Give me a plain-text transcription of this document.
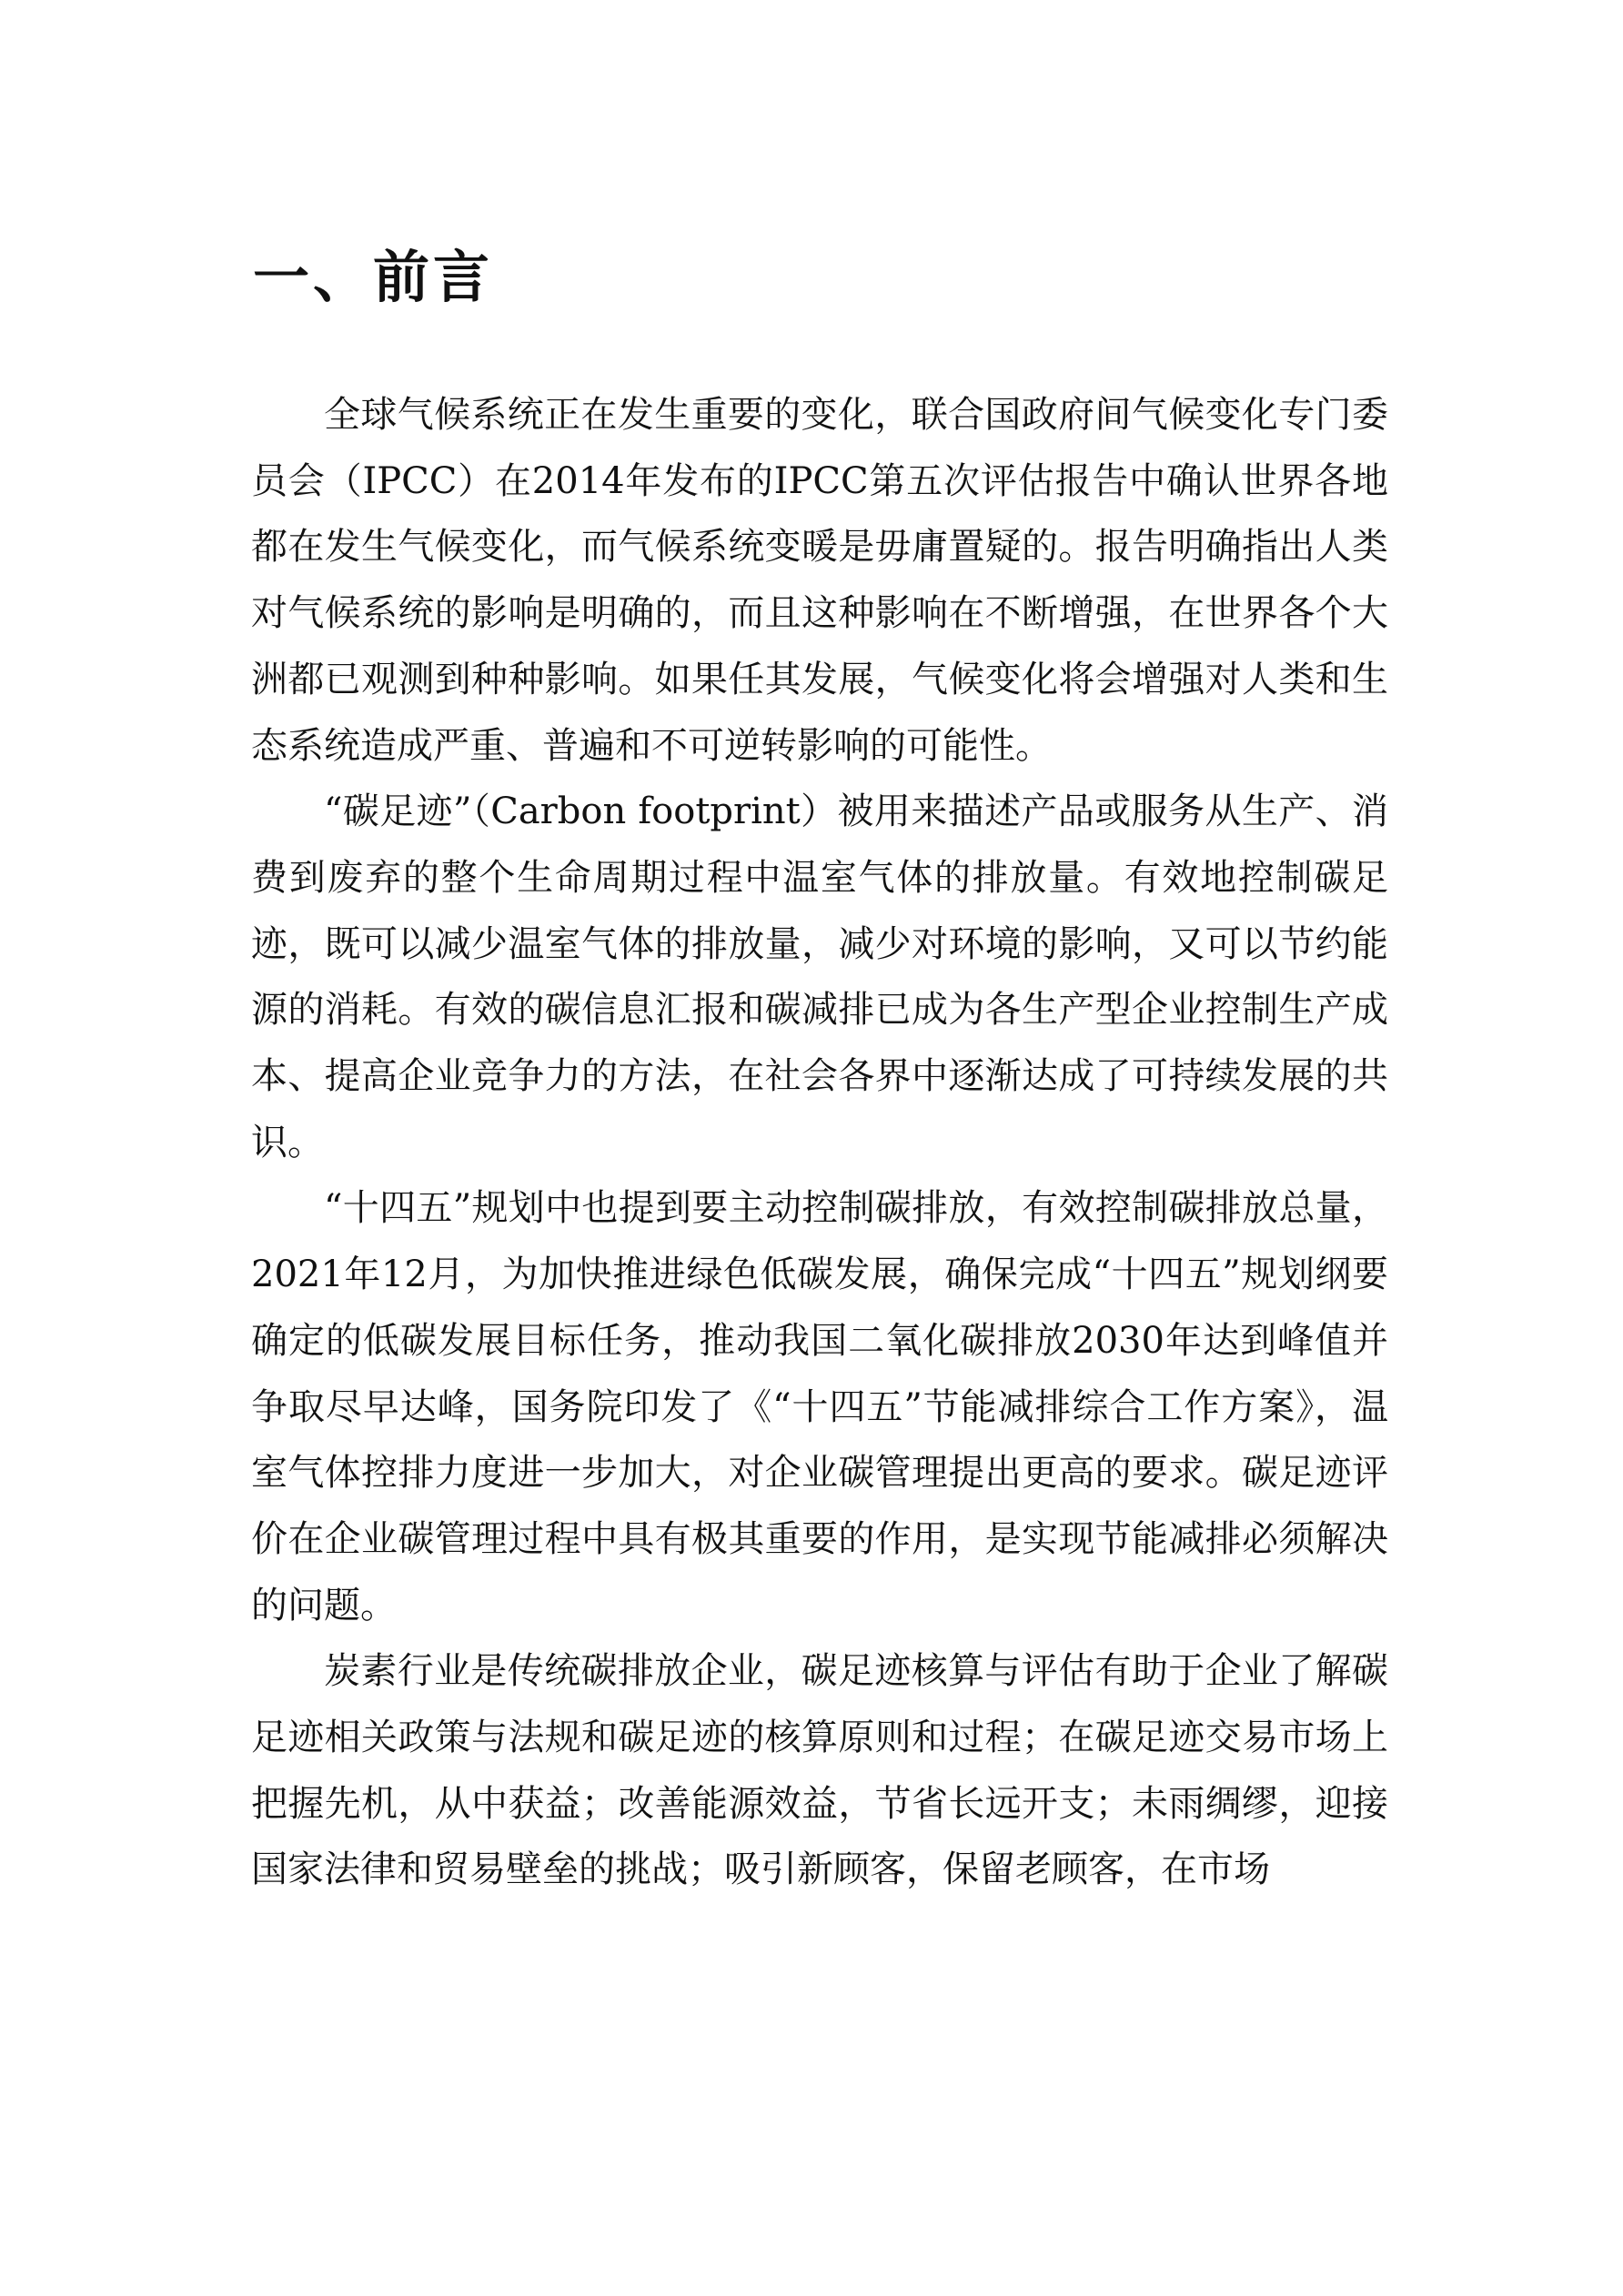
一、前言

全球气候系统正在发生重要的变化，联合国政府间气候变化专门委员会（IPCC）在2014年发布的IPCC第五次评估报告中确认世界各地都在发生气候变化，而气候系统变暖是毋庸置疑的。报告明确指出人类对气候系统的影响是明确的，而且这种影响在不断增强，在世界各个大洲都已观测到种种影响。如果任其发展，气候变化将会增强对人类和生态系统造成严重、普遍和不可逆转影响的可能性。

“碳足迹”（Carbon footprint）被用来描述产品或服务从生产、消费到废弃的整个生命周期过程中温室气体的排放量。有效地控制碳足迹，既可以减少温室气体的排放量，减少对环境的影响，又可以节约能源的消耗。有效的碳信息汇报和碳减排已成为各生产型企业控制生产成本、提高企业竞争力的方法，在社会各界中逐渐达成了可持续发展的共识。

“十四五”规划中也提到要主动控制碳排放，有效控制碳排放总量，2021年12月，为加快推进绿色低碳发展，确保完成“十四五”规划纲要确定的低碳发展目标任务，推动我国二氧化碳排放2030年达到峰值并争取尽早达峰，国务院印发了《“十四五”节能减排综合工作方案》，温室气体控排力度进一步加大，对企业碳管理提出更高的要求。碳足迹评价在企业碳管理过程中具有极其重要的作用，是实现节能减排必须解决的问题。

炭素行业是传统碳排放企业，碳足迹核算与评估有助于企业了解碳足迹相关政策与法规和碳足迹的核算原则和过程；在碳足迹交易市场上把握先机，从中获益；改善能源效益，节省长远开支；未雨绸缪，迎接国家法律和贸易壁垒的挑战；吸引新顾客，保留老顾客，在市场
